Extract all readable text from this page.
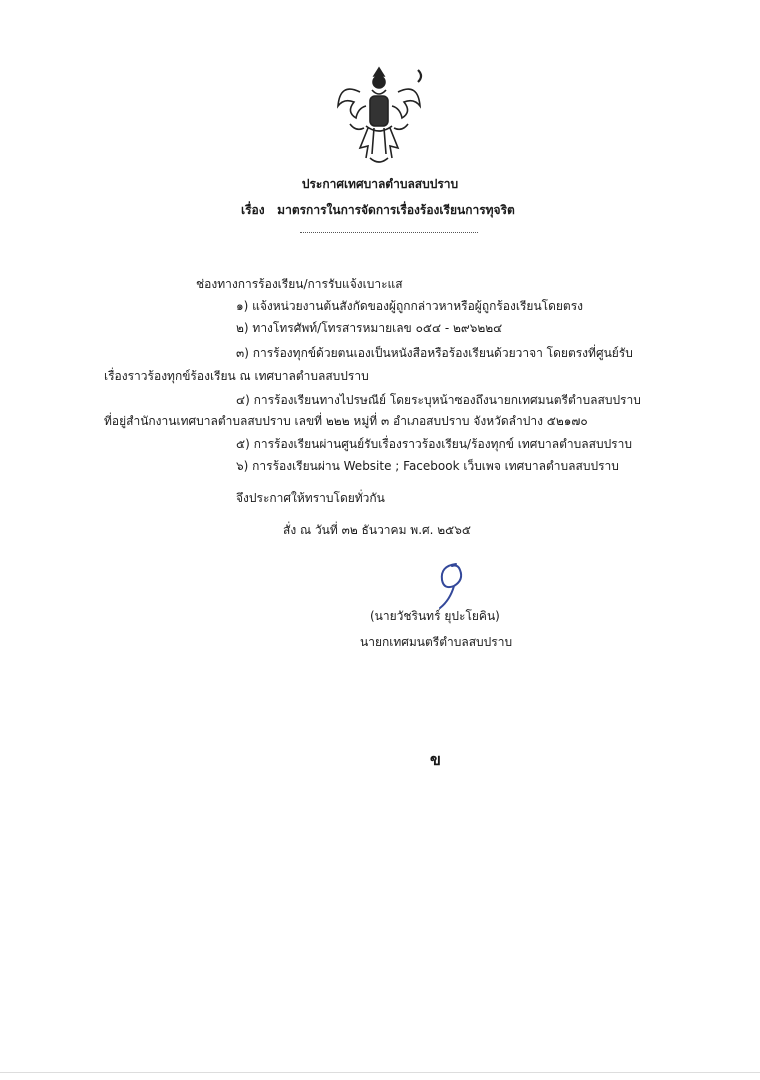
ประกาศเทศบาลตำบลสบปราบ
เรื่อง มาตรการในการจัดการเรื่องร้องเรียนการทุจริต
ช่องทางการร้องเรียน/การรับแจ้งเบาะแส
๑) แจ้งหน่วยงานต้นสังกัดของผู้ถูกกล่าวหาหรือผู้ถูกร้องเรียนโดยตรง
๒) ทางโทรศัพท์/โทรสารหมายเลข ๐๕๔ - ๒๙๖๒๒๔
๓) การร้องทุกข์ด้วยตนเองเป็นหนังสือหรือร้องเรียนด้วยวาจา โดยตรงที่ศูนย์รับ
เรื่องราวร้องทุกข์ร้องเรียน ณ เทศบาลตำบลสบปราบ
๔) การร้องเรียนทางไปรษณีย์ โดยระบุหน้าซองถึงนายกเทศมนตรีตำบลสบปราบ
ที่อยู่สำนักงานเทศบาลตำบลสบปราบ เลขที่ ๒๒๒ หมู่ที่ ๓ อำเภอสบปราบ จังหวัดลำปาง ๕๒๑๗๐
๕) การร้องเรียนผ่านศูนย์รับเรื่องราวร้องเรียน/ร้องทุกข์ เทศบาลตำบลสบปราบ
๖) การร้องเรียนผ่าน Website ; Facebook เว็บเพจ เทศบาลตำบลสบปราบ
จึงประกาศให้ทราบโดยทั่วกัน
สั่ง ณ วันที่ ๓๒ ธันวาคม พ.ศ. ๒๕๖๕
(นายวัชรินทร์ ยุปะโยคิน)
นายกเทศมนตรีตำบลสบปราบ
ข
